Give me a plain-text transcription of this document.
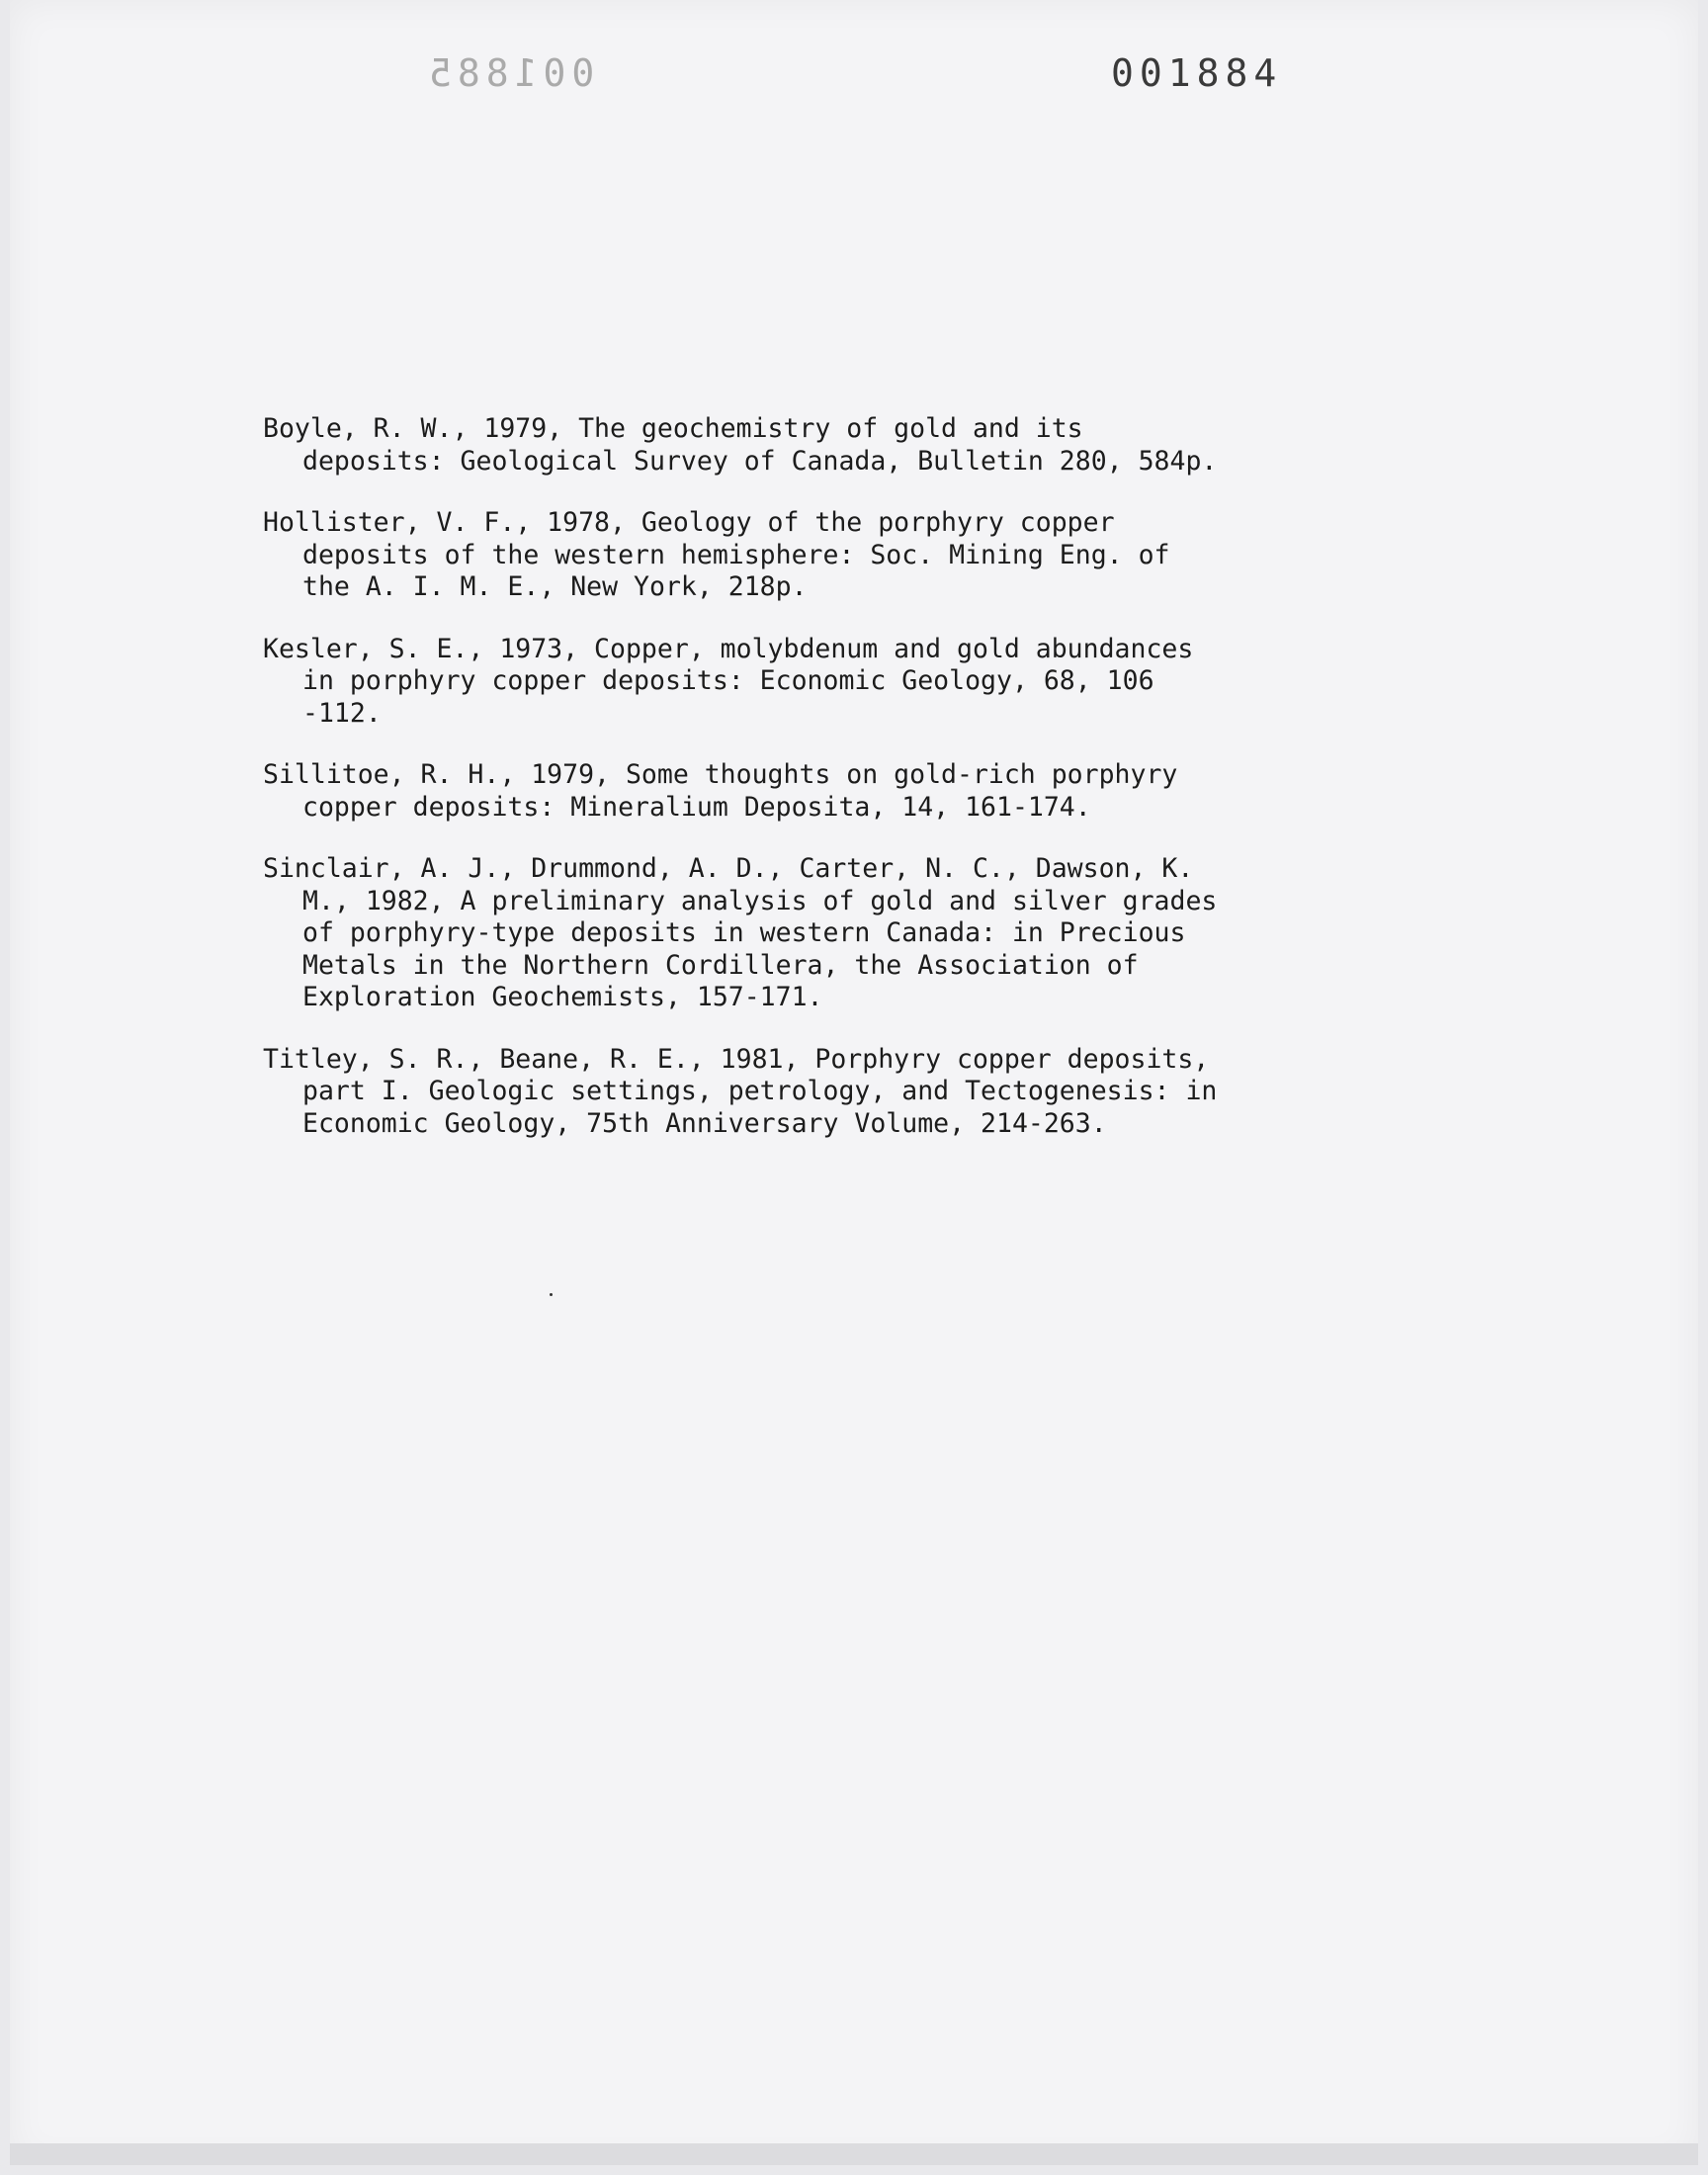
001885	001884
Boyle, R. W., 1979, The geochemistry of gold and its
deposits: Geological Survey of Canada, Bulletin 280, 584p.
Hollister, V. F., 1978, Geology of the porphyry copper
deposits of the western hemisphere: Soc. Mining Eng. of
the A. I. M. E., New York, 218p.
Kesler, S. E., 1973, Copper, molybdenum and gold abundances
in porphyry copper deposits: Economic Geology, 68, 106
-112.
Sillitoe, R. H., 1979, Some thoughts on gold-rich porphyry
copper deposits: Mineralium Deposita, 14, 161-174.
Sinclair, A. J., Drummond, A. D., Carter, N. C., Dawson, K.
M., 1982, A preliminary analysis of gold and silver grades
of porphyry-type deposits in western Canada: in Precious
Metals in the Northern Cordillera, the Association of
Exploration Geochemists, 157-171.
Titley, S. R., Beane, R. E., 1981, Porphyry copper deposits,
part I. Geologic settings, petrology, and Tectogenesis: in
Economic Geology, 75th Anniversary Volume, 214-263.
